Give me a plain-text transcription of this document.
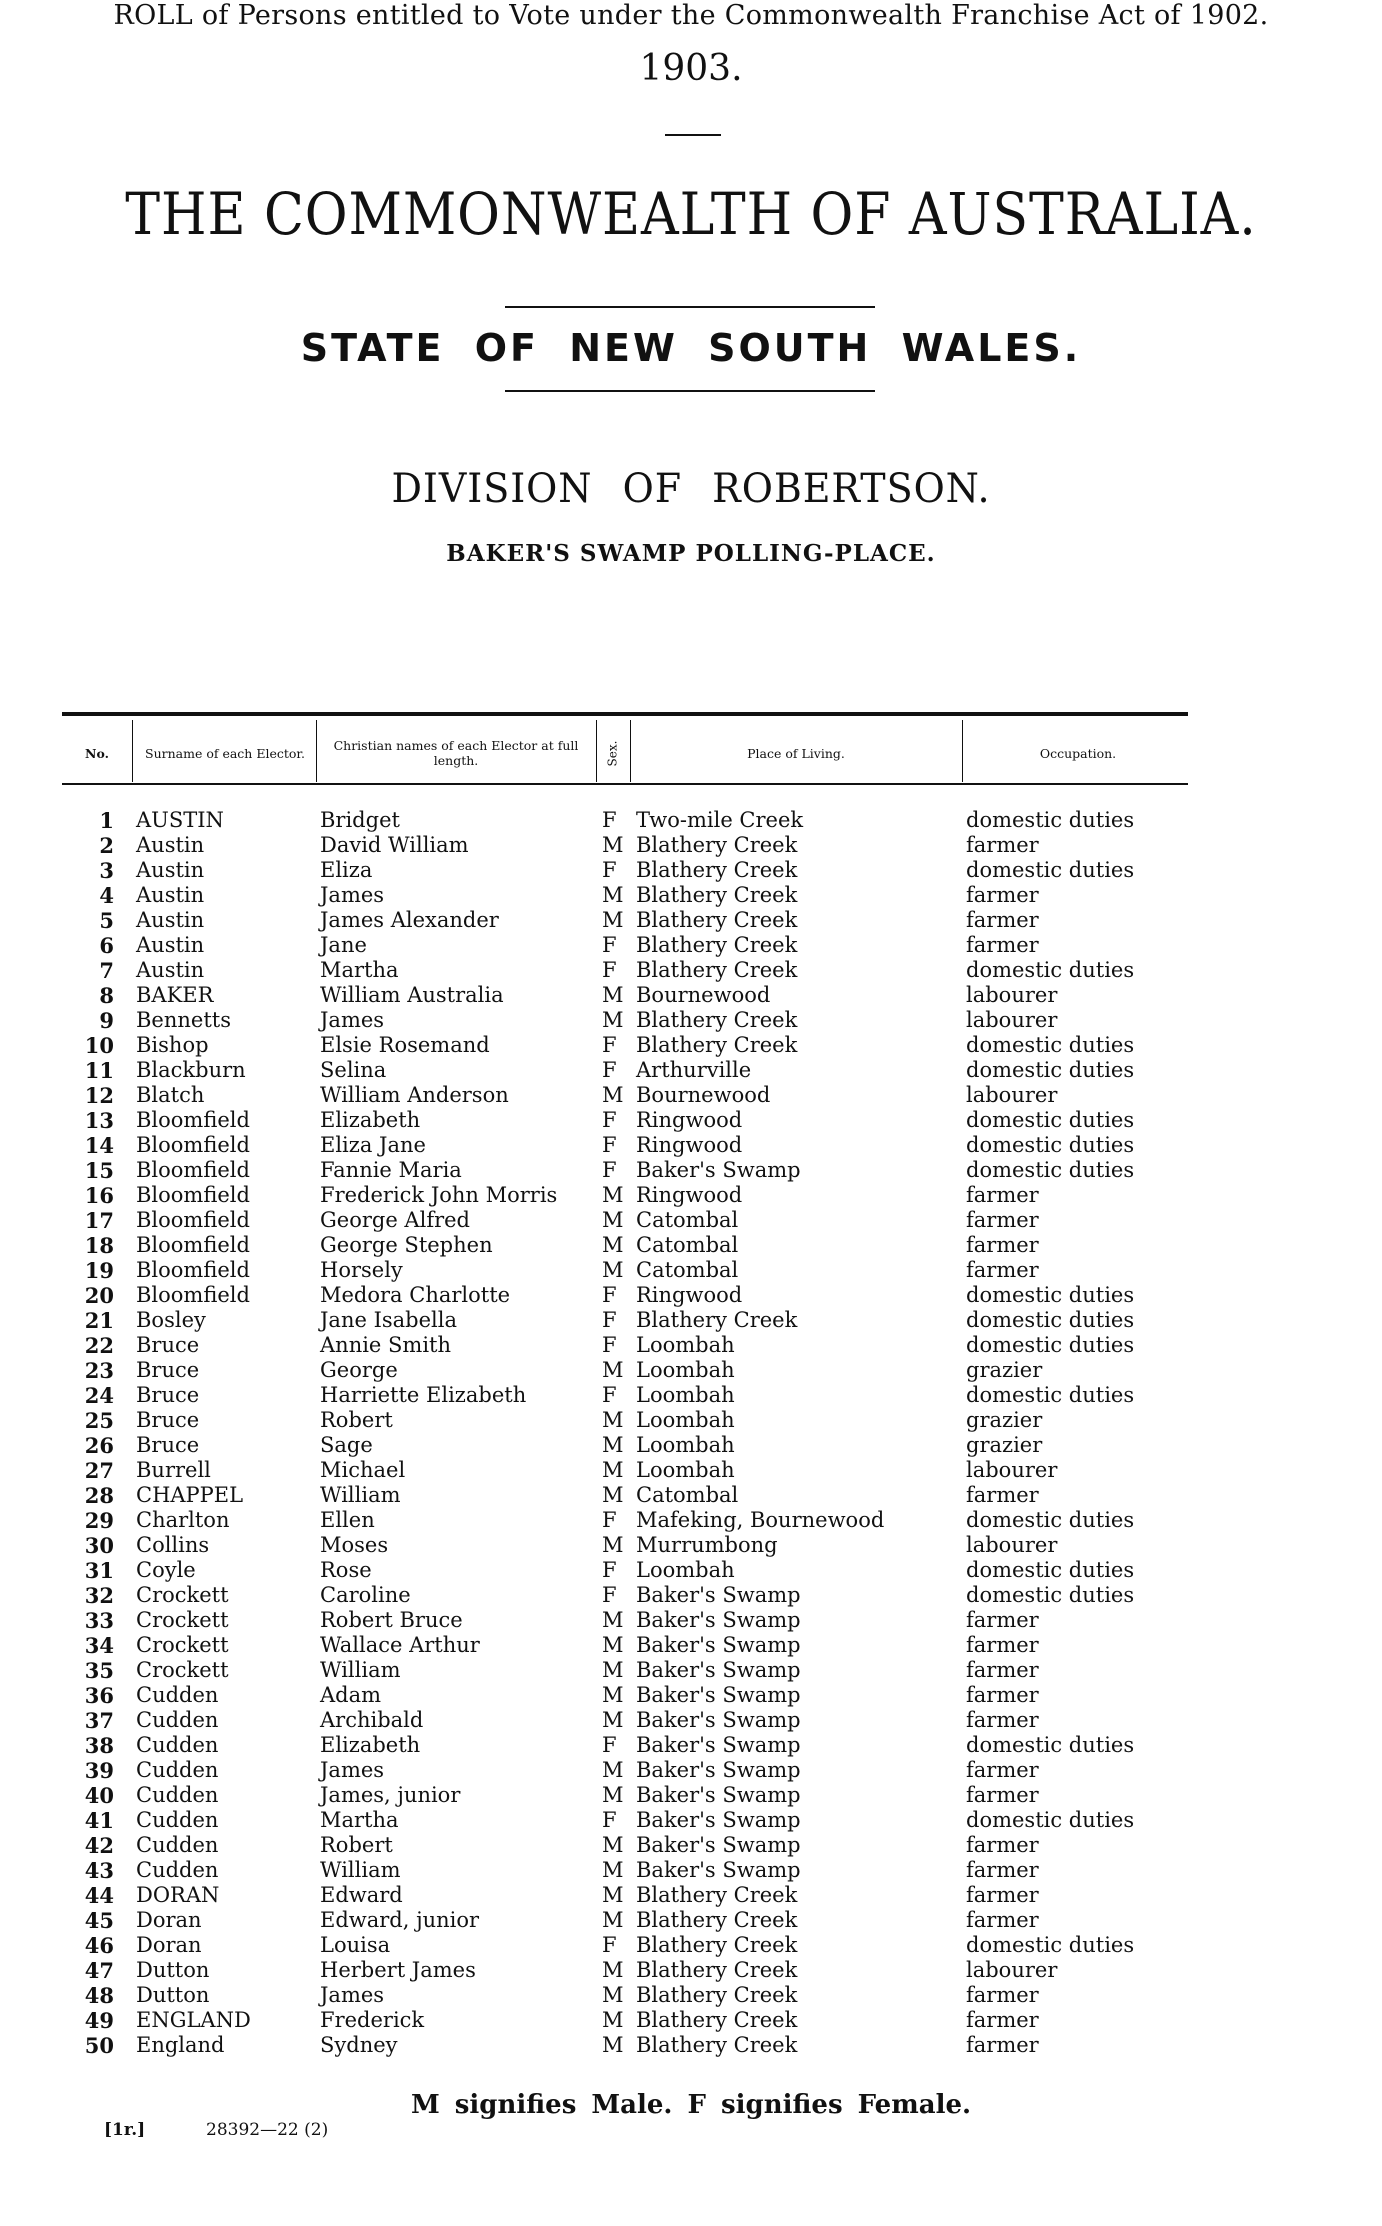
1903.
THE COMMONWEALTH OF AUSTRALIA.
STATE OF NEW SOUTH WALES.
DIVISION OF ROBERTSON.
BAKER'S SWAMP POLLING-PLACE.
ROLL of Persons entitled to Vote under the Commonwealth Franchise Act of 1902.
No.	Surname of each Elector.	Christian names of each Elector at full length.	Sex.	Place of Living.	Occupation.
1 AUSTIN	Bridget	F Two-mile Creek	domestic duties
2 Austin	David William	M Blathery Creek	farmer
3 Austin	Eliza	F Blathery Creek	domestic duties
4 Austin	James	M Blathery Creek	farmer
5 Austin	James Alexander	M Blathery Creek	farmer
6 Austin	Jane	F Blathery Creek	farmer
7 Austin	Martha	F Blathery Creek	domestic duties
8 BAKER	William Australia	M Bournewood	labourer
9 Bennetts	James	M Blathery Creek	labourer
10 Bishop	Elsie Rosemand	F Blathery Creek	domestic duties
11 Blackburn	Selina	F Arthurville	domestic duties
12 Blatch	William Anderson	M Bournewood	labourer
13 Bloomfield	Elizabeth	F Ringwood	domestic duties
14 Bloomfield	Eliza Jane	F Ringwood	domestic duties
15 Bloomfield	Fannie Maria	F Baker's Swamp	domestic duties
16 Bloomfield	Frederick John Morris M Ringwood	farmer
17 Bloomfield	George Alfred	M Catombal	farmer
18 Bloomfield	George Stephen	M Catombal	farmer
19 Bloomfield	Horsely	M Catombal	farmer
20 Bloomfield	Medora Charlotte	F Ringwood	domestic duties
21 Bosley	Jane Isabella	F Blathery Creek	domestic duties
22 Bruce	Annie Smith	F Loombah	domestic duties
23 Bruce	George	M Loombah	grazier
24 Bruce	Harriette Elizabeth	F Loombah	domestic duties
25 Bruce	Robert	M Loombah	grazier
26 Bruce	Sage	M Loombah	grazier
27 Burrell	Michael	M Loombah	labourer
28 CHAPPEL	William	M Catombal	farmer
29 Charlton	Ellen	F Mafeking, Bournewood	domestic duties
30 Collins	Moses	M Murrumbong	labourer
31 Coyle	Rose	F Loombah	domestic duties
32 Crockett	Caroline	F Baker's Swamp	domestic duties
33 Crockett	Robert Bruce	M Baker's Swamp	farmer
34 Crockett	Wallace Arthur	M Baker's Swamp	farmer
35 Crockett	William	M Baker's Swamp	farmer
36 Cudden	Adam	M Baker's Swamp	farmer
37 Cudden	Archibald	M Baker's Swamp	farmer
38 Cudden	Elizabeth	F Baker's Swamp	domestic duties
39 Cudden	James	M Baker's Swamp	farmer
40 Cudden	James, junior	M Baker's Swamp	farmer
41 Cudden	Martha	F Baker's Swamp	domestic duties
42 Cudden	Robert	M Baker's Swamp	farmer
43 Cudden	William	M Baker's Swamp	farmer
44 DORAN	Edward	M Blathery Creek	farmer
45 Doran	Edward, junior	M Blathery Creek	farmer
46 Doran	Louisa	F Blathery Creek	domestic duties
47 Dutton	Herbert James	M Blathery Creek	labourer
48 Dutton	James	M Blathery Creek	farmer
49 ENGLAND	Frederick	M Blathery Creek	farmer
50 England	Sydney	M Blathery Creek	farmer
M signifies Male. F signifies Female.
[1r.]	28392—22 (2)
